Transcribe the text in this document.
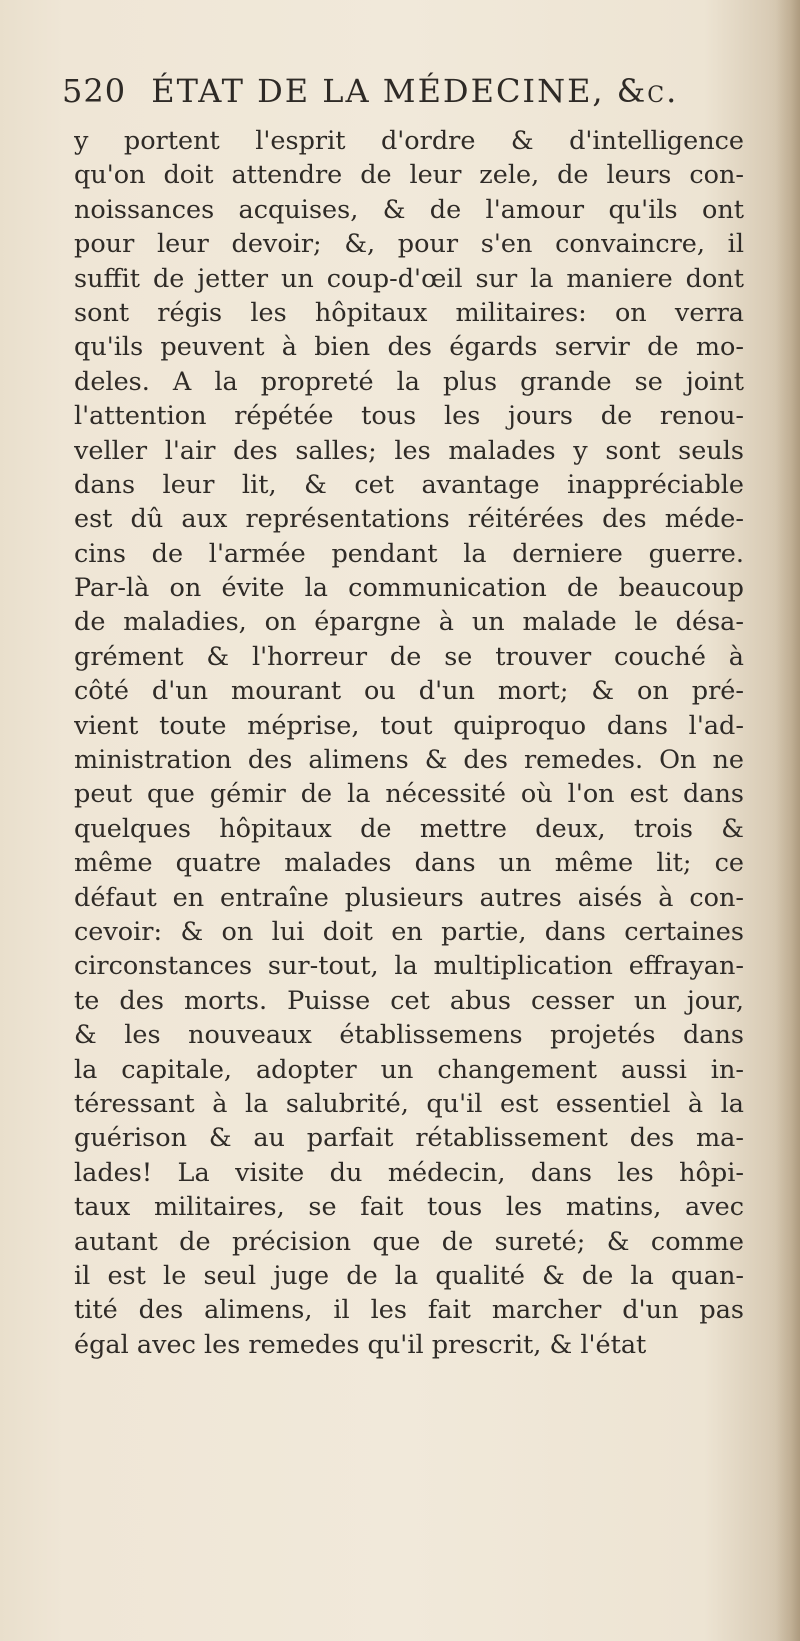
520 ÉTAT DE LA MÉDECINE, &c.
y portent l'esprit d'ordre & d'intelligence
qu'on doit attendre de leur zele, de leurs con-
noissances acquises, & de l'amour qu'ils ont
pour leur devoir; &, pour s'en convaincre, il
suffit de jetter un coup-d'œil sur la maniere dont
sont régis les hôpitaux militaires: on verra
qu'ils peuvent à bien des égards servir de mo-
deles. A la propreté la plus grande se joint
l'attention répétée tous les jours de renou-
veller l'air des salles; les malades y sont seuls
dans leur lit, & cet avantage inappréciable
est dû aux représentations réitérées des méde-
cins de l'armée pendant la derniere guerre.
Par-là on évite la communication de beaucoup
de maladies, on épargne à un malade le désa-
grément & l'horreur de se trouver couché à
côté d'un mourant ou d'un mort; & on pré-
vient toute méprise, tout quiproquo dans l'ad-
ministration des alimens & des remedes. On ne
peut que gémir de la nécessité où l'on est dans
quelques hôpitaux de mettre deux, trois &
même quatre malades dans un même lit; ce
défaut en entraîne plusieurs autres aisés à con-
cevoir: & on lui doit en partie, dans certaines
circonstances sur-tout, la multiplication effrayan-
te des morts. Puisse cet abus cesser un jour,
& les nouveaux établissemens projetés dans
la capitale, adopter un changement aussi in-
téressant à la salubrité, qu'il est essentiel à la
guérison & au parfait rétablissement des ma-
lades! La visite du médecin, dans les hôpi-
taux militaires, se fait tous les matins, avec
autant de précision que de sureté; & comme
il est le seul juge de la qualité & de la quan-
tité des alimens, il les fait marcher d'un pas
égal avec les remedes qu'il prescrit, & l'état
